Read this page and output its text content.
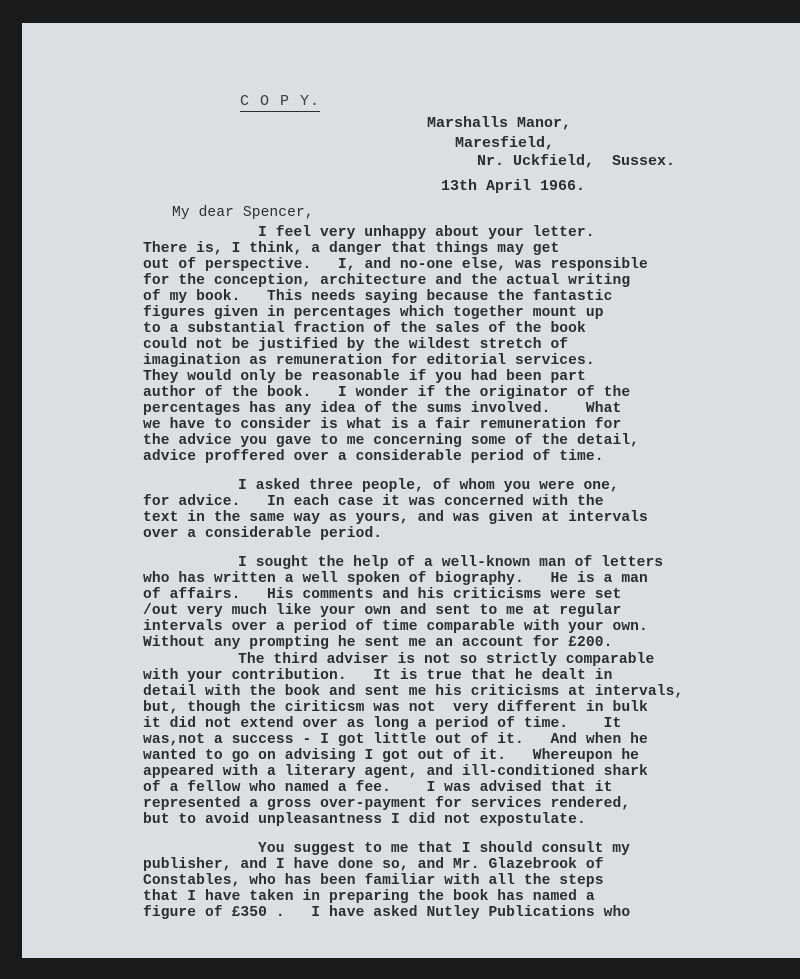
C O P Y.
Marshalls Manor,
Maresfield,
Nr. Uckfield,  Sussex.
13th April 1966.
My dear Spencer,
I feel very unhappy about your letter.
There is, I think, a danger that things may get
out of perspective.   I, and no-one else, was responsible
for the conception, architecture and the actual writing
of my book.   This needs saying because the fantastic
figures given in percentages which together mount up
to a substantial fraction of the sales of the book
could not be justified by the wildest stretch of
imagination as remuneration for editorial services.
They would only be reasonable if you had been part
author of the book.   I wonder if the originator of the
percentages has any idea of the sums involved.    What
we have to consider is what is a fair remuneration for
the advice you gave to me concerning some of the detail,
advice proffered over a considerable period of time.
I asked three people, of whom you were one,
for advice.   In each case it was concerned with the
text in the same way as yours, and was given at intervals
over a considerable period.
I sought the help of a well-known man of letters
who has written a well spoken of biography.   He is a man
of affairs.   His comments and his criticisms were set
/out very much like your own and sent to me at regular
intervals over a period of time comparable with your own.
Without any prompting he sent me an account for £200.
The third adviser is not so strictly comparable
with your contribution.   It is true that he dealt in
detail with the book and sent me his criticisms at intervals,
but, though the ciriticsm was not  very different in bulk
it did not extend over as long a period of time.    It
was,not a success - I got little out of it.   And when he
wanted to go on advising I got out of it.   Whereupon he
appeared with a literary agent, and ill-conditioned shark
of a fellow who named a fee.    I was advised that it
represented a gross over-payment for services rendered,
but to avoid unpleasantness I did not expostulate.
You suggest to me that I should consult my
publisher, and I have done so, and Mr. Glazebrook of
Constables, who has been familiar with all the steps
that I have taken in preparing the book has named a
figure of £350 .   I have asked Nutley Publications who
